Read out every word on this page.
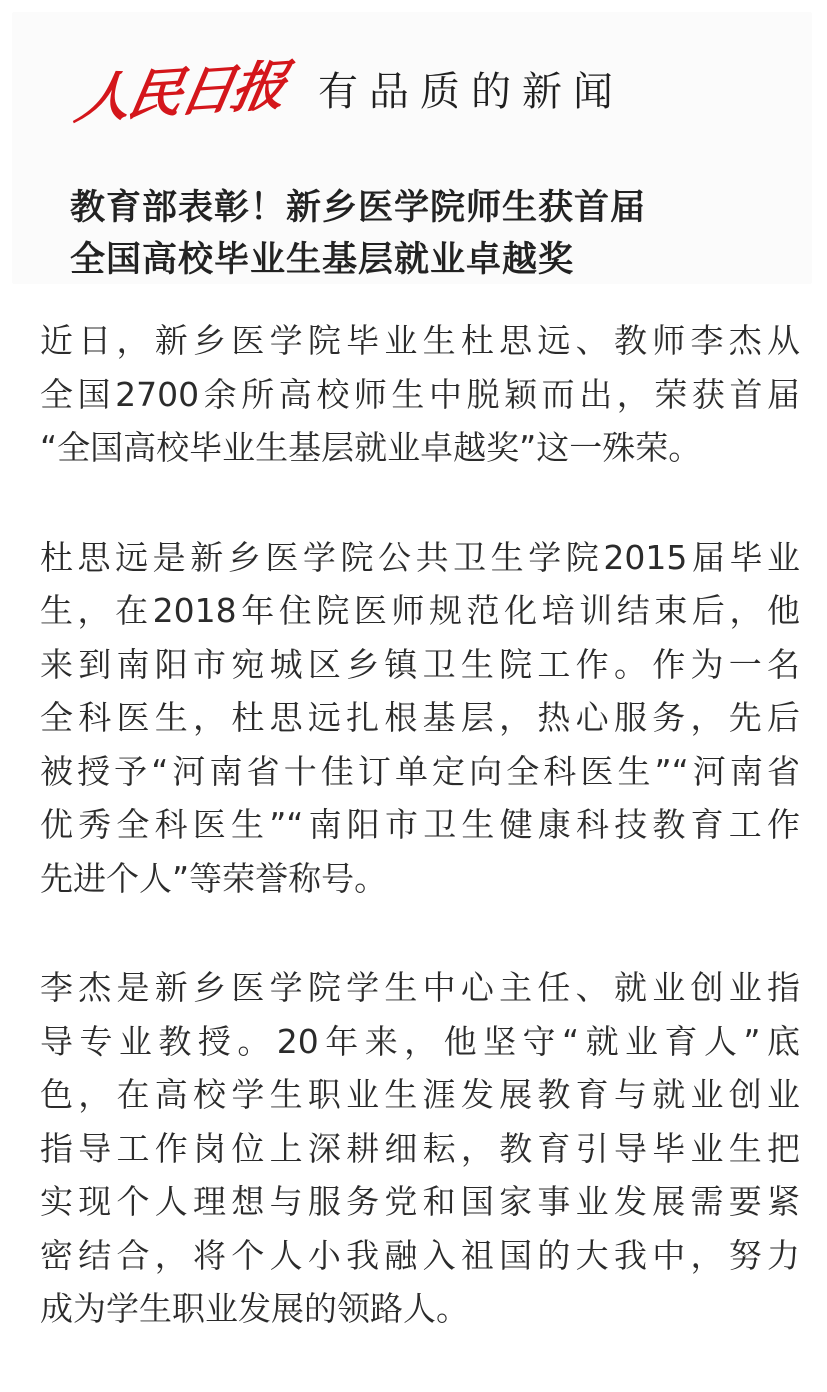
人民日报 有品质的新闻
教育部表彰！新乡医学院师生获首届
全国高校毕业生基层就业卓越奖

近日，新乡医学院毕业生杜思远、教师李杰从
全国2700余所高校师生中脱颖而出，荣获首届
“全国高校毕业生基层就业卓越奖”这一殊荣。

杜思远是新乡医学院公共卫生学院2015届毕业
生，在2018年住院医师规范化培训结束后，他
来到南阳市宛城区乡镇卫生院工作。作为一名
全科医生，杜思远扎根基层，热心服务，先后
被授予“河南省十佳订单定向全科医生”“河南省
优秀全科医生”“南阳市卫生健康科技教育工作
先进个人”等荣誉称号。

李杰是新乡医学院学生中心主任、就业创业指
导专业教授。20年来，他坚守“就业育人”底
色，在高校学生职业生涯发展教育与就业创业
指导工作岗位上深耕细耘，教育引导毕业生把
实现个人理想与服务党和国家事业发展需要紧
密结合，将个人小我融入祖国的大我中，努力
成为学生职业发展的领路人。
